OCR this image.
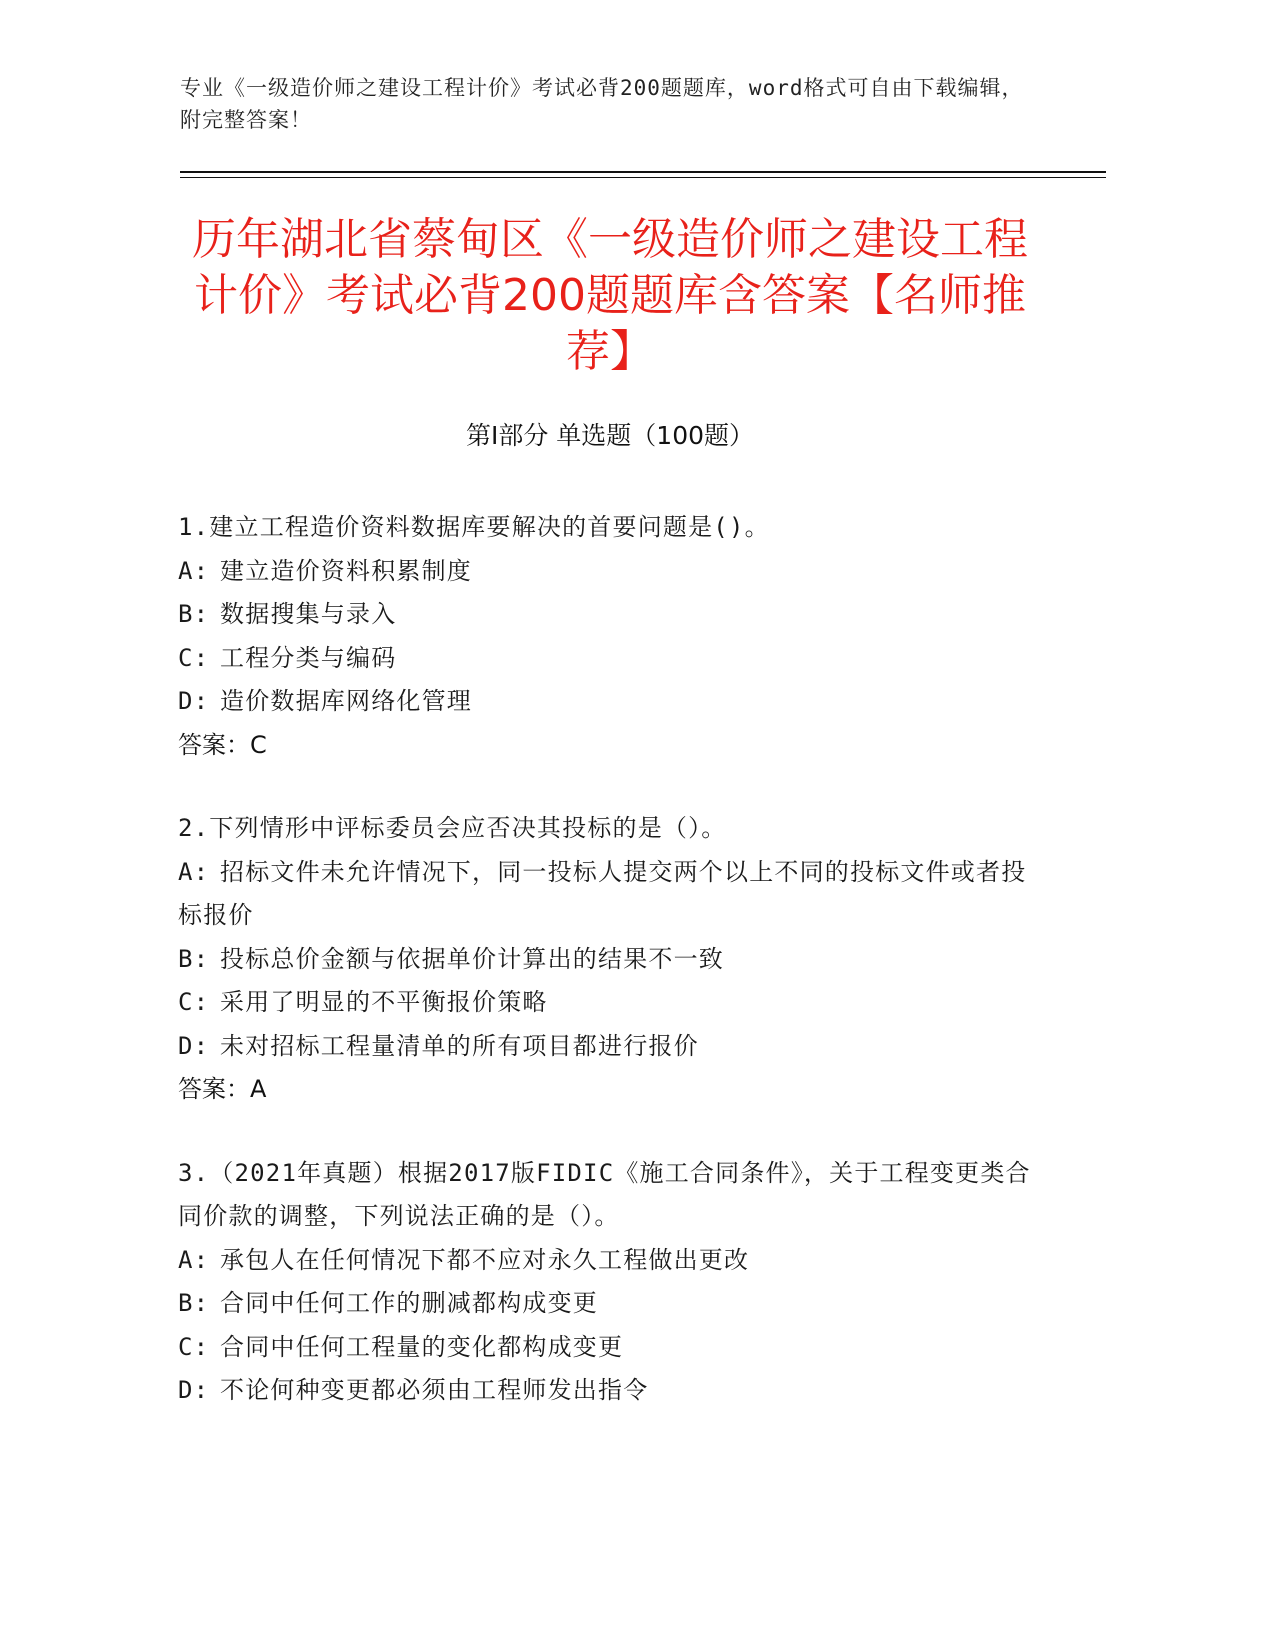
专业《一级造价师之建设工程计价》考试必背200题题库，word格式可自由下载编辑，附完整答案！
历年湖北省蔡甸区《一级造价师之建设工程计价》考试必背200题题库含答案【名师推荐】
第Ⅰ部分 单选题（100题）
1.建立工程造价资料数据库要解决的首要问题是()。
A: 建立造价资料积累制度
B: 数据搜集与录入
C: 工程分类与编码
D: 造价数据库网络化管理
答案：C
2.下列情形中评标委员会应否决其投标的是（）。
A: 招标文件未允许情况下，同一投标人提交两个以上不同的投标文件或者投标报价
B: 投标总价金额与依据单价计算出的结果不一致
C: 采用了明显的不平衡报价策略
D: 未对招标工程量清单的所有项目都进行报价
答案：A
3.（2021年真题）根据2017版FIDIC《施工合同条件》，关于工程变更类合同价款的调整，下列说法正确的是（）。
A: 承包人在任何情况下都不应对永久工程做出更改
B: 合同中任何工作的删减都构成变更
C: 合同中任何工程量的变化都构成变更
D: 不论何种变更都必须由工程师发出指令
